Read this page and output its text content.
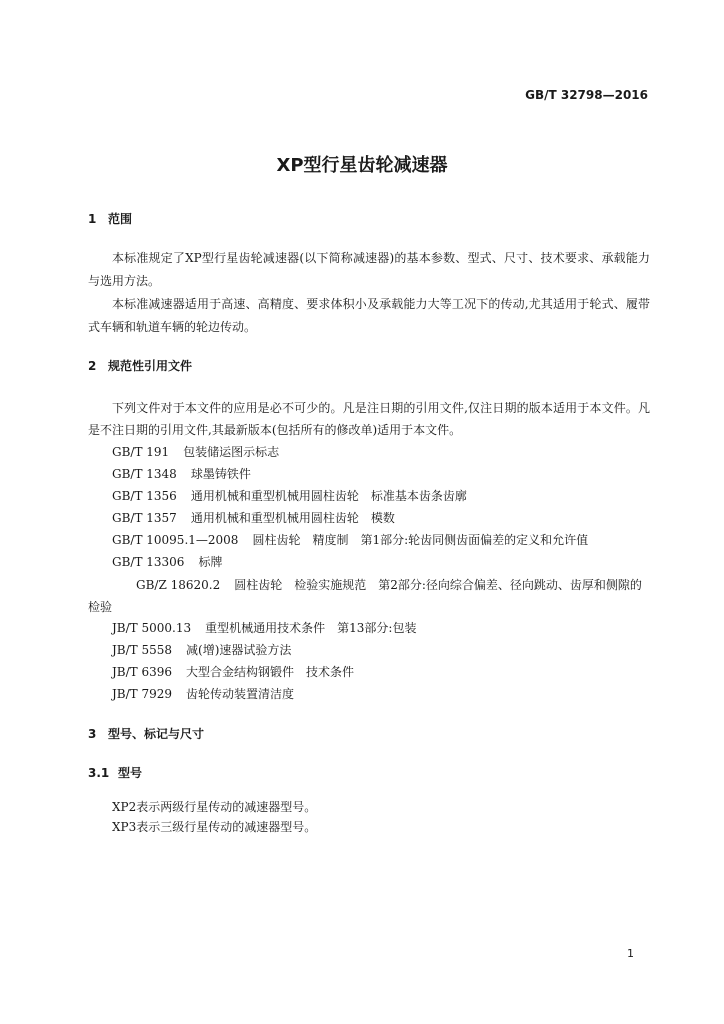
GB/T 32798—2016
XP型行星齿轮减速器
1 范围

本标准规定了XP型行星齿轮减速器(以下简称减速器)的基本参数、型式、尺寸、技术要求、承载能力与选用方法。

本标准减速器适用于高速、高精度、要求体积小及承载能力大等工况下的传动,尤其适用于轮式、履带式车辆和轨道车辆的轮边传动。

2 规范性引用文件

下列文件对于本文件的应用是必不可少的。凡是注日期的引用文件,仅注日期的版本适用于本文件。凡是不注日期的引用文件,其最新版本(包括所有的修改单)适用于本文件。

GB/T 191 包装储运图示标志
GB/T 1348 球墨铸铁件
GB/T 1356 通用机械和重型机械用圆柱齿轮　标准基本齿条齿廓
GB/T 1357 通用机械和重型机械用圆柱齿轮　模数
GB/T 10095.1—2008 圆柱齿轮　精度制　第1部分:轮齿同侧齿面偏差的定义和允许值
GB/T 13306 标牌
GB/Z 18620.2 圆柱齿轮　检验实施规范　第2部分:径向综合偏差、径向跳动、齿厚和侧隙的检验
JB/T 5000.13 重型机械通用技术条件　第13部分:包装
JB/T 5558 减(增)速器试验方法
JB/T 6396 大型合金结构钢锻件　技术条件
JB/T 7929 齿轮传动装置清洁度
3 型号、标记与尺寸
3.1 型号

XP2表示两级行星传动的减速器型号。

XP3表示三级行星传动的减速器型号。

1
